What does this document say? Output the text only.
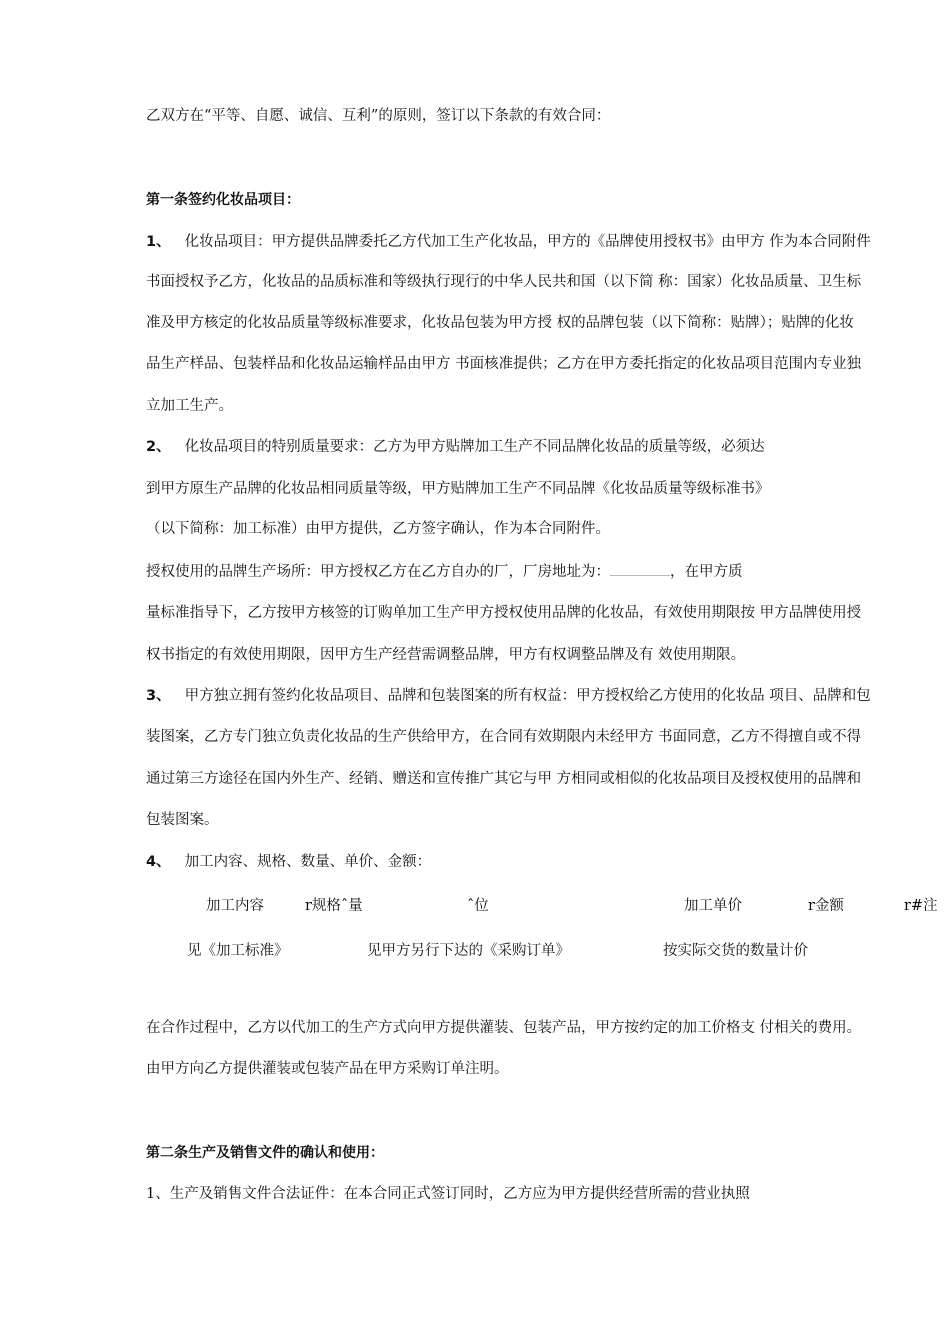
乙双方在“平等、自愿、诚信、互利”的原则，签订以下条款的有效合同：
第一条签约化妆品项目：
1、 化妆品项目：甲方提供品牌委托乙方代加工生产化妆品，甲方的《品牌使用授权书》由甲方 作为本合同附件
书面授权予乙方，化妆品的品质标准和等级执行现行的中华人民共和国（以下简 称：国家）化妆品质量、卫生标
准及甲方核定的化妆品质量等级标准要求，化妆品包装为甲方授 权的品牌包装（以下简称：贴牌）；贴牌的化妆
品生产样品、包装样品和化妆品运输样品由甲方 书面核准提供；乙方在甲方委托指定的化妆品项目范围内专业独
立加工生产。
2、 化妆品项目的特别质量要求：乙方为甲方贴牌加工生产不同品牌化妆品的质量等级，必须达
到甲方原生产品牌的化妆品相同质量等级，甲方贴牌加工生产不同品牌《化妆品质量等级标准书》
（以下简称：加工标准）由甲方提供，乙方签字确认，作为本合同附件。
授权使用的品牌生产场所：甲方授权乙方在乙方自办的厂，厂房地址为：	，在甲方质
量标准指导下，乙方按甲方核签的订购单加工生产甲方授权使用品牌的化妆品，有效使用期限按 甲方品牌使用授
权书指定的有效使用期限，因甲方生产经营需调整品牌，甲方有权调整品牌及有 效使用期限。
3、 甲方独立拥有签约化妆品项目、品牌和包装图案的所有权益：甲方授权给乙方使用的化妆品 项目、品牌和包
装图案，乙方专门独立负责化妆品的生产供给甲方，在合同有效期限内未经甲方 书面同意，乙方不得擅自或不得
通过第三方途径在国内外生产、经销、赠送和宣传推广其它与甲 方相同或相似的化妆品项目及授权使用的品牌和
包装图案。
4、 加工内容、规格、数量、单价、金额：
加工内容	r规格ˆ量	ˆ位	加工单价	r金额	r#注
见《加工标准》	见甲方另行下达的《采购订单》	按实际交货的数量计价
在合作过程中，乙方以代加工的生产方式向甲方提供灌装、包装产品，甲方按约定的加工价格支 付相关的费用。
由甲方向乙方提供灌装或包装产品在甲方采购订单注明。
第二条生产及销售文件的确认和使用：
1、生产及销售文件合法证件：在本合同正式签订同时，乙方应为甲方提供经营所需的营业执照
